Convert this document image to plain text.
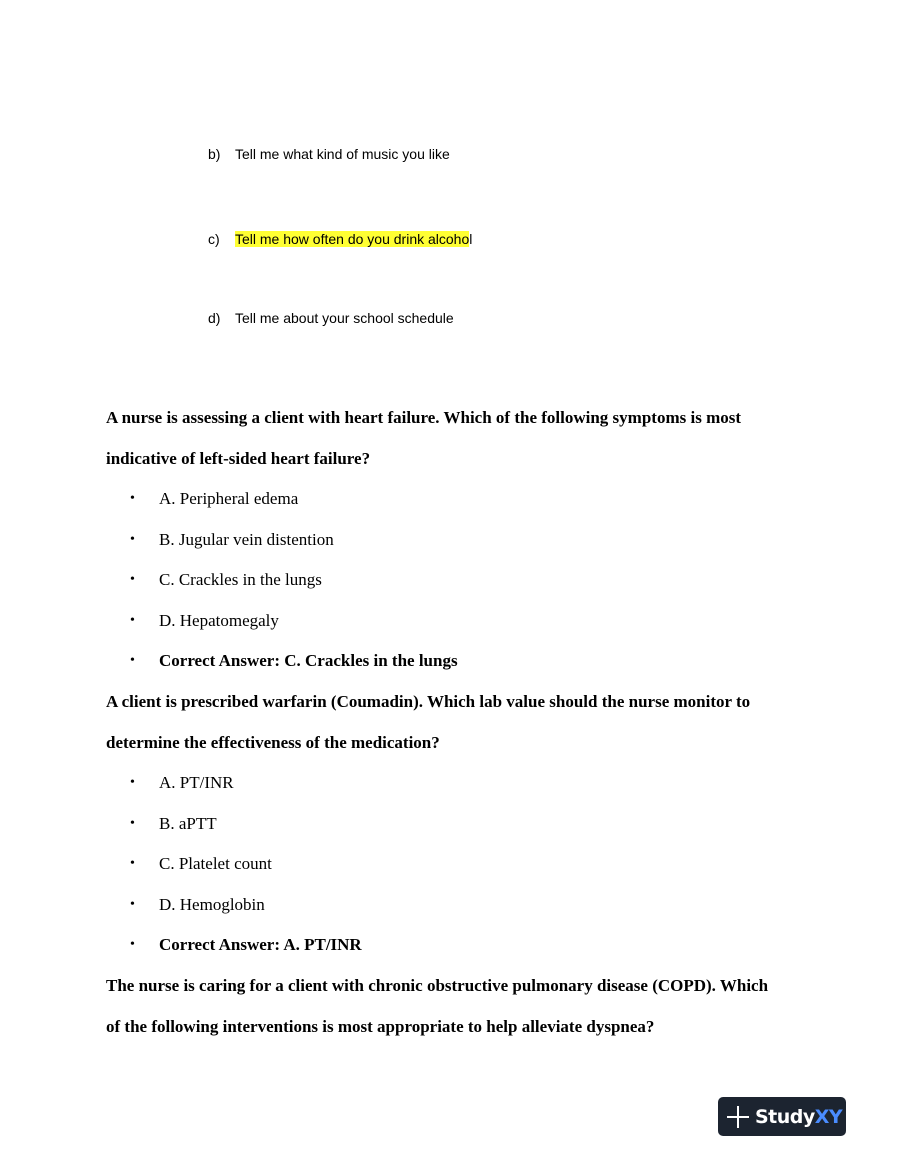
b) Tell me what kind of music you like
c) Tell me how often do you drink alcohol
d) Tell me about your school schedule

A nurse is assessing a client with heart failure. Which of the following symptoms is most
indicative of left-sided heart failure?

• A. Peripheral edema
• B. Jugular vein distention
• C. Crackles in the lungs
• D. Hepatomegaly
• Correct Answer: C. Crackles in the lungs

A client is prescribed warfarin (Coumadin). Which lab value should the nurse monitor to
determine the effectiveness of the medication?

• A. PT/INR
• B. aPTT
• C. Platelet count
• D. Hemoglobin
• Correct Answer: A. PT/INR

The nurse is caring for a client with chronic obstructive pulmonary disease (COPD). Which
of the following interventions is most appropriate to help alleviate dyspnea?

StudyXY
